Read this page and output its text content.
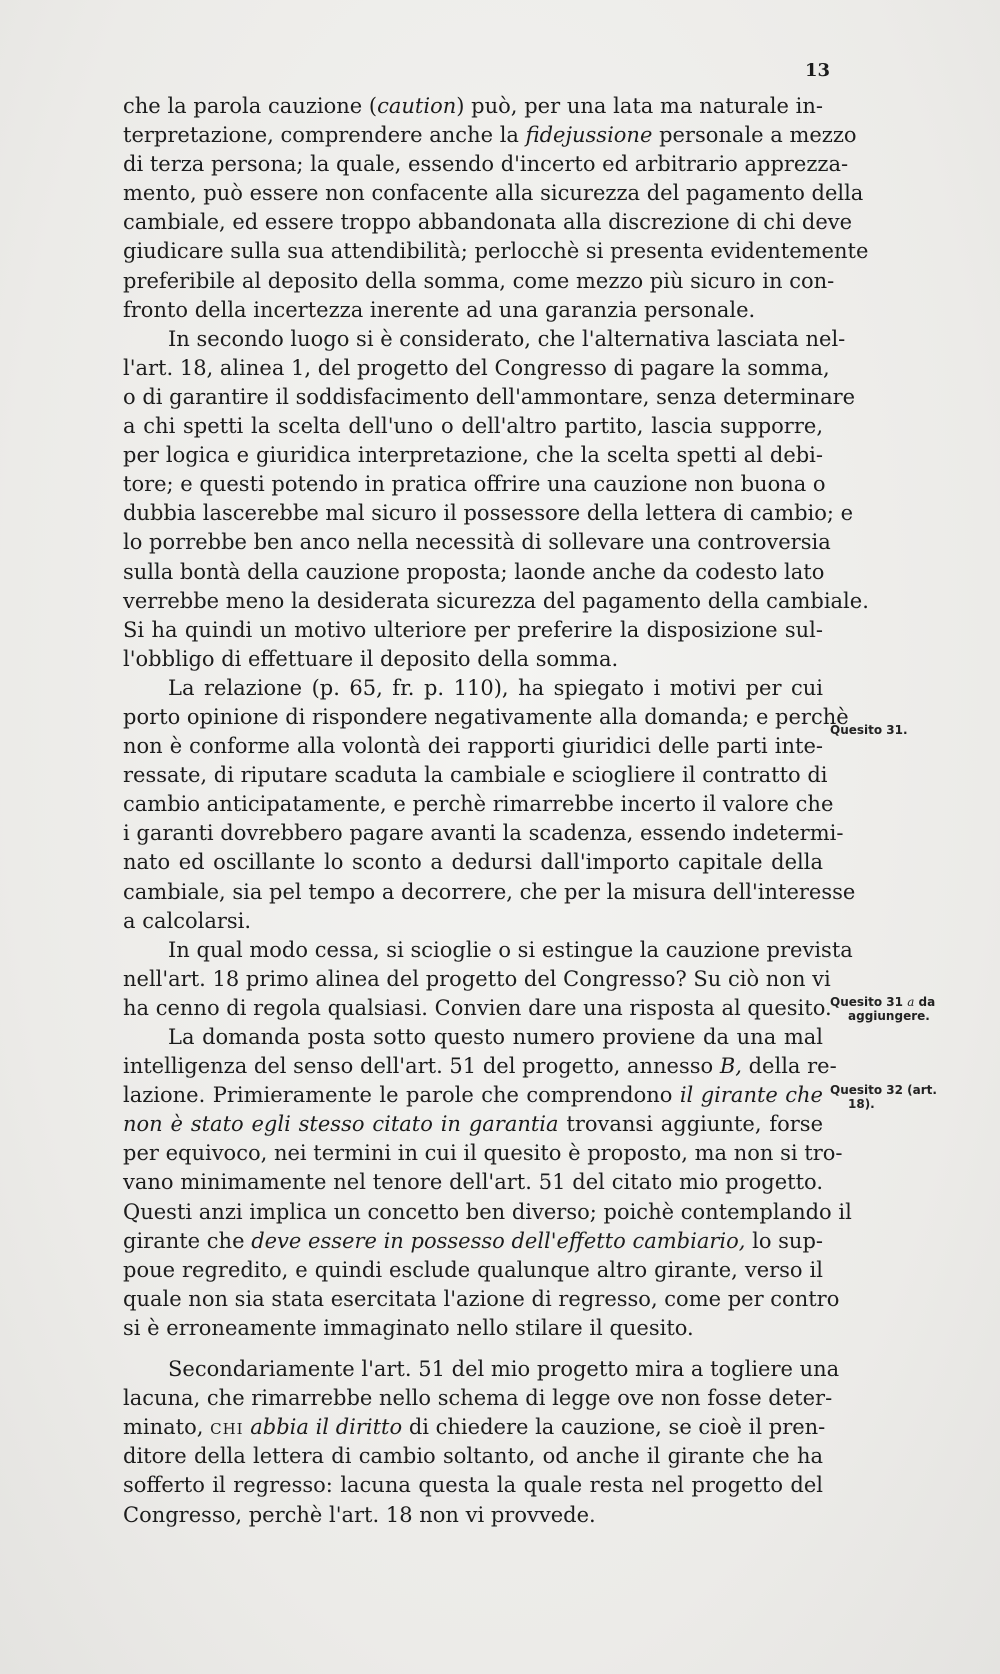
13
che la parola cauzione (caution) può, per una lata ma naturale in-
terpretazione, comprendere anche la fidejussione personale a mezzo
di terza persona; la quale, essendo d'incerto ed arbitrario apprezza-
mento, può essere non confacente alla sicurezza del pagamento della
cambiale, ed essere troppo abbandonata alla discrezione di chi deve
giudicare sulla sua attendibilità; perlocchè si presenta evidentemente
preferibile al deposito della somma, come mezzo più sicuro in con-
fronto della incertezza inerente ad una garanzia personale.
In secondo luogo si è considerato, che l'alternativa lasciata nel-
l'art. 18, alinea 1, del progetto del Congresso di pagare la somma,
o di garantire il soddisfacimento dell'ammontare, senza determinare
a chi spetti la scelta dell'uno o dell'altro partito, lascia supporre,
per logica e giuridica interpretazione, che la scelta spetti al debi-
tore; e questi potendo in pratica offrire una cauzione non buona o
dubbia lascerebbe mal sicuro il possessore della lettera di cambio; e
lo porrebbe ben anco nella necessità di sollevare una controversia
sulla bontà della cauzione proposta; laonde anche da codesto lato
verrebbe meno la desiderata sicurezza del pagamento della cambiale.
Si ha quindi un motivo ulteriore per preferire la disposizione sul-
l'obbligo di effettuare il deposito della somma.
La relazione (p. 65, fr. p. 110), ha spiegato i motivi per cui
porto opinione di rispondere negativamente alla domanda; e perchè
non è conforme alla volontà dei rapporti giuridici delle parti inte-
ressate, di riputare scaduta la cambiale e sciogliere il contratto di
cambio anticipatamente, e perchè rimarrebbe incerto il valore che
i garanti dovrebbero pagare avanti la scadenza, essendo indetermi-
nato ed oscillante lo sconto a dedursi dall'importo capitale della
cambiale, sia pel tempo a decorrere, che per la misura dell'interesse
a calcolarsi.
In qual modo cessa, si scioglie o si estingue la cauzione prevista
nell'art. 18 primo alinea del progetto del Congresso? Su ciò non vi
ha cenno di regola qualsiasi. Convien dare una risposta al quesito.
La domanda posta sotto questo numero proviene da una mal
intelligenza del senso dell'art. 51 del progetto, annesso B, della re-
lazione. Primieramente le parole che comprendono il girante che
non è stato egli stesso citato in garantia trovansi aggiunte, forse
per equivoco, nei termini in cui il quesito è proposto, ma non si tro-
vano minimamente nel tenore dell'art. 51 del citato mio progetto.
Questi anzi implica un concetto ben diverso; poichè contemplando il
girante che deve essere in possesso dell'effetto cambiario, lo sup-
poue regredito, e quindi esclude qualunque altro girante, verso il
quale non sia stata esercitata l'azione di regresso, come per contro
si è erroneamente immaginato nello stilare il quesito.
Secondariamente l'art. 51 del mio progetto mira a togliere una
lacuna, che rimarrebbe nello schema di legge ove non fosse deter-
minato, chi abbia il diritto di chiedere la cauzione, se cioè il pren-
ditore della lettera di cambio soltanto, od anche il girante che ha
sofferto il regresso: lacuna questa la quale resta nel progetto del
Congresso, perchè l'art. 18 non vi provvede.
Quesito 31.
Quesito 31 a da
aggiungere.
Quesito 32 (art.
18).
